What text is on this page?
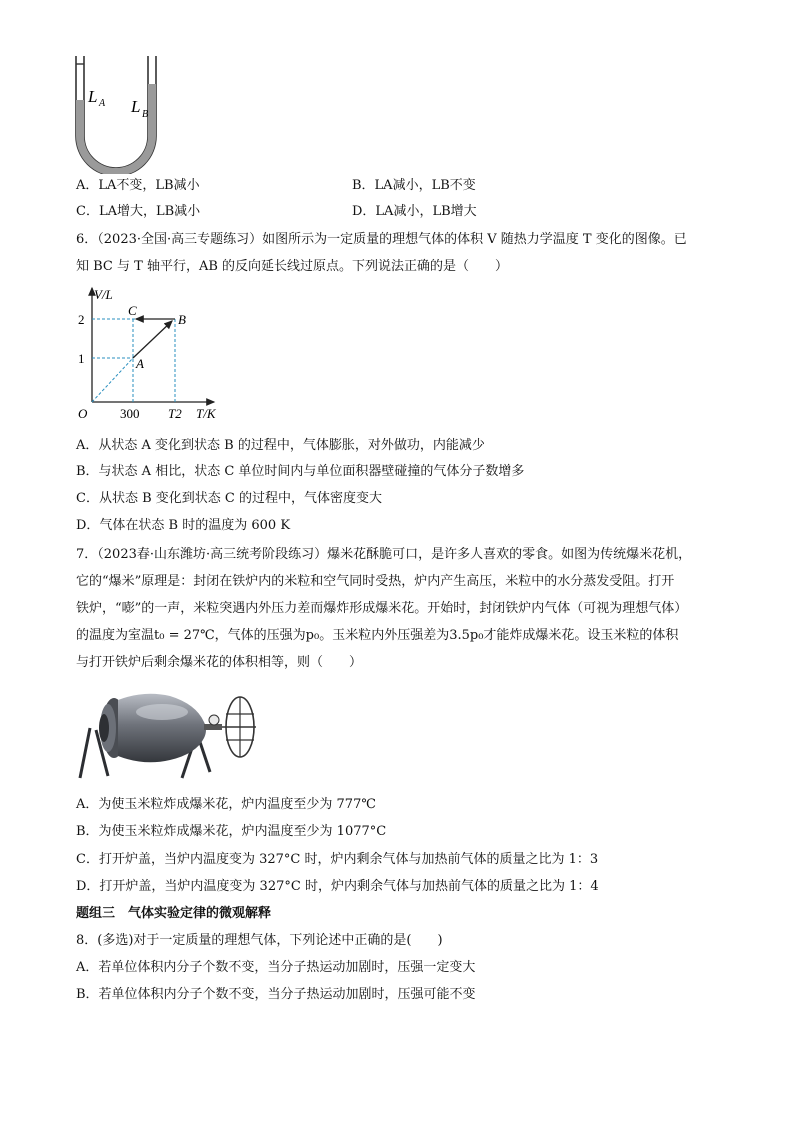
L A L B
A．LA不变，LB减小	B．LA减小，LB不变
C．LA增大，LB减小	D．LA减小，LB增大
6．（2023·全国·高三专题练习）如图所示为一定质量的理想气体的体积 V 随热力学温度 T 变化的图像。已
知 BC 与 T 轴平行，AB 的反向延长线过原点。下列说法正确的是（　　）
V/L
T/K
O
2
1
300 T2
A
B
C
A．从状态 A 变化到状态 B 的过程中，气体膨胀，对外做功，内能减少
B．与状态 A 相比，状态 C 单位时间内与单位面积器壁碰撞的气体分子数增多
C．从状态 B 变化到状态 C 的过程中，气体密度变大
D．气体在状态 B 时的温度为 600 K
7．（2023春·山东潍坊·高三统考阶段练习）爆米花酥脆可口，是许多人喜欢的零食。如图为传统爆米花机，
它的“爆米”原理是：封闭在铁炉内的米粒和空气同时受热，炉内产生高压，米粒中的水分蒸发受阻。打开
铁炉，“嘭”的一声，米粒突遇内外压力差而爆炸形成爆米花。开始时，封闭铁炉内气体（可视为理想气体）
的温度为室温t₀ = 27℃，气体的压强为p₀。玉米粒内外压强差为3.5p₀才能炸成爆米花。设玉米粒的体积
与打开铁炉后剩余爆米花的体积相等，则（　　）
A．为使玉米粒炸成爆米花，炉内温度至少为 777℃
B．为使玉米粒炸成爆米花，炉内温度至少为 1077°C
C．打开炉盖，当炉内温度变为 327°C 时，炉内剩余气体与加热前气体的质量之比为 1：3
D．打开炉盖，当炉内温度变为 327°C 时，炉内剩余气体与加热前气体的质量之比为 1：4
题组三　气体实验定律的微观解释
8．(多选)对于一定质量的理想气体，下列论述中正确的是(　　)
A．若单位体积内分子个数不变，当分子热运动加剧时，压强一定变大
B．若单位体积内分子个数不变，当分子热运动加剧时，压强可能不变
